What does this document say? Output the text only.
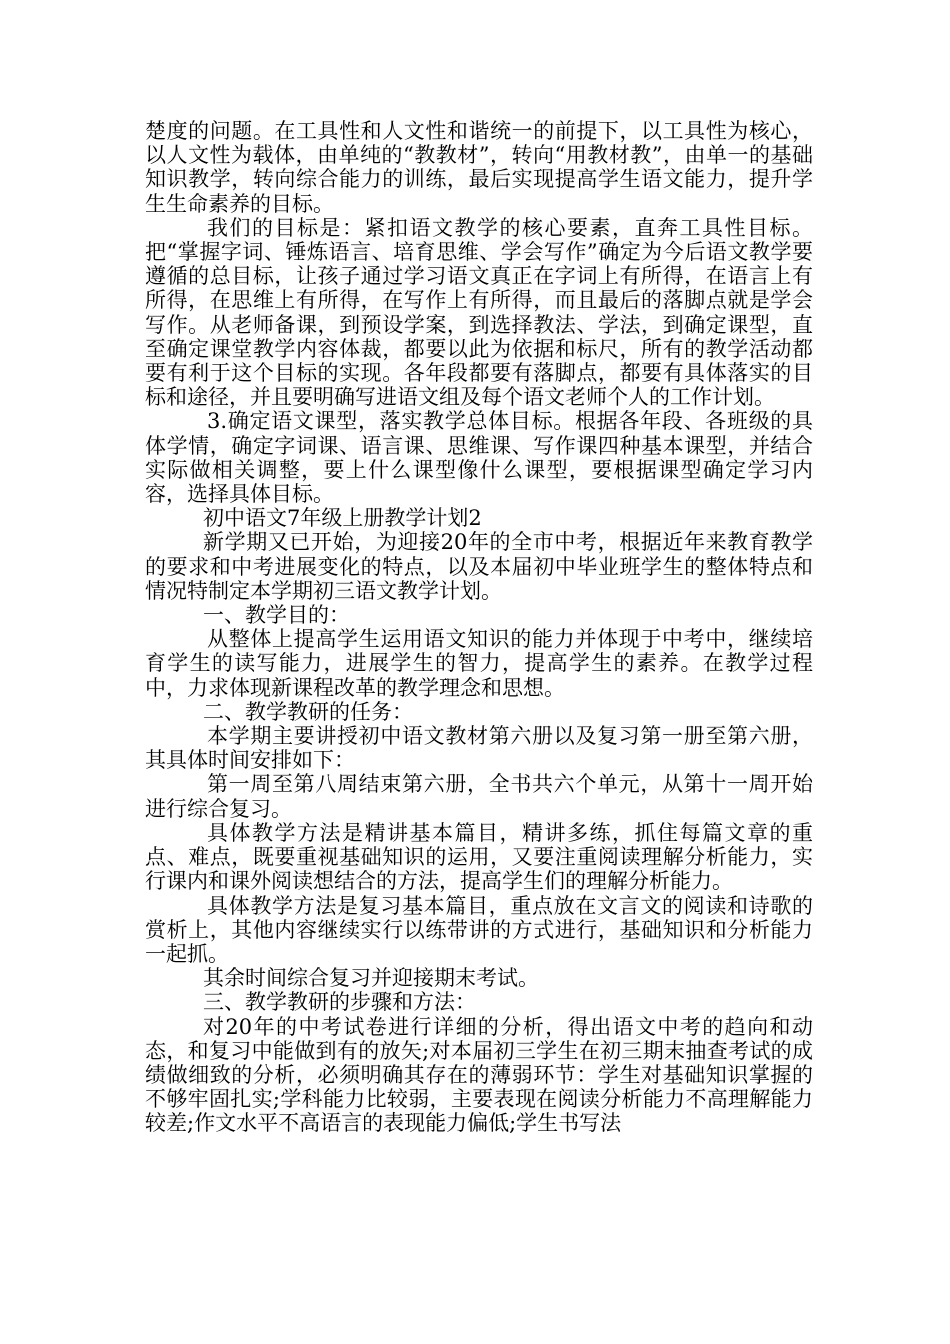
楚度的问题。在工具性和人文性和谐统一的前提下，以工具性为核心，以人文性为载体，由单纯的“教教材”，转向“用教材教”，由单一的基础知识教学，转向综合能力的训练，最后实现提高学生语文能力，提升学生生命素养的目标。

我们的目标是：紧扣语文教学的核心要素，直奔工具性目标。把“掌握字词、锤炼语言、培育思维、学会写作”确定为今后语文教学要遵循的总目标，让孩子通过学习语文真正在字词上有所得，在语言上有所得，在思维上有所得，在写作上有所得，而且最后的落脚点就是学会写作。从老师备课，到预设学案，到选择教法、学法，到确定课型，直至确定课堂教学内容体裁，都要以此为依据和标尺，所有的教学活动都要有利于这个目标的实现。各年段都要有落脚点，都要有具体落实的目标和途径，并且要明确写进语文组及每个语文老师个人的工作计划。

3.确定语文课型，落实教学总体目标。根据各年段、各班级的具体学情，确定字词课、语言课、思维课、写作课四种基本课型，并结合实际做相关调整，要上什么课型像什么课型，要根据课型确定学习内容，选择具体目标。

初中语文7年级上册教学计划2

新学期又已开始，为迎接20年的全市中考，根据近年来教育教学的要求和中考进展变化的特点，以及本届初中毕业班学生的整体特点和情况特制定本学期初三语文教学计划。

一、教学目的：

从整体上提高学生运用语文知识的能力并体现于中考中，继续培育学生的读写能力，进展学生的智力，提高学生的素养。在教学过程中，力求体现新课程改革的教学理念和思想。

二、教学教研的任务：

本学期主要讲授初中语文教材第六册以及复习第一册至第六册，其具体时间安排如下：

第一周至第八周结束第六册，全书共六个单元，从第十一周开始进行综合复习。

具体教学方法是精讲基本篇目，精讲多练，抓住每篇文章的重点、难点，既要重视基础知识的运用，又要注重阅读理解分析能力，实行课内和课外阅读想结合的方法，提高学生们的理解分析能力。

具体教学方法是复习基本篇目，重点放在文言文的阅读和诗歌的赏析上，其他内容继续实行以练带讲的方式进行，基础知识和分析能力一起抓。

其余时间综合复习并迎接期末考试。

三、教学教研的步骤和方法：

对20年的中考试卷进行详细的分析，得出语文中考的趋向和动态，和复习中能做到有的放矢;对本届初三学生在初三期末抽查考试的成绩做细致的分析，必须明确其存在的薄弱环节：学生对基础知识掌握的不够牢固扎实;学科能力比较弱，主要表现在阅读分析能力不高理解能力较差;作文水平不高语言的表现能力偏低;学生书写法
